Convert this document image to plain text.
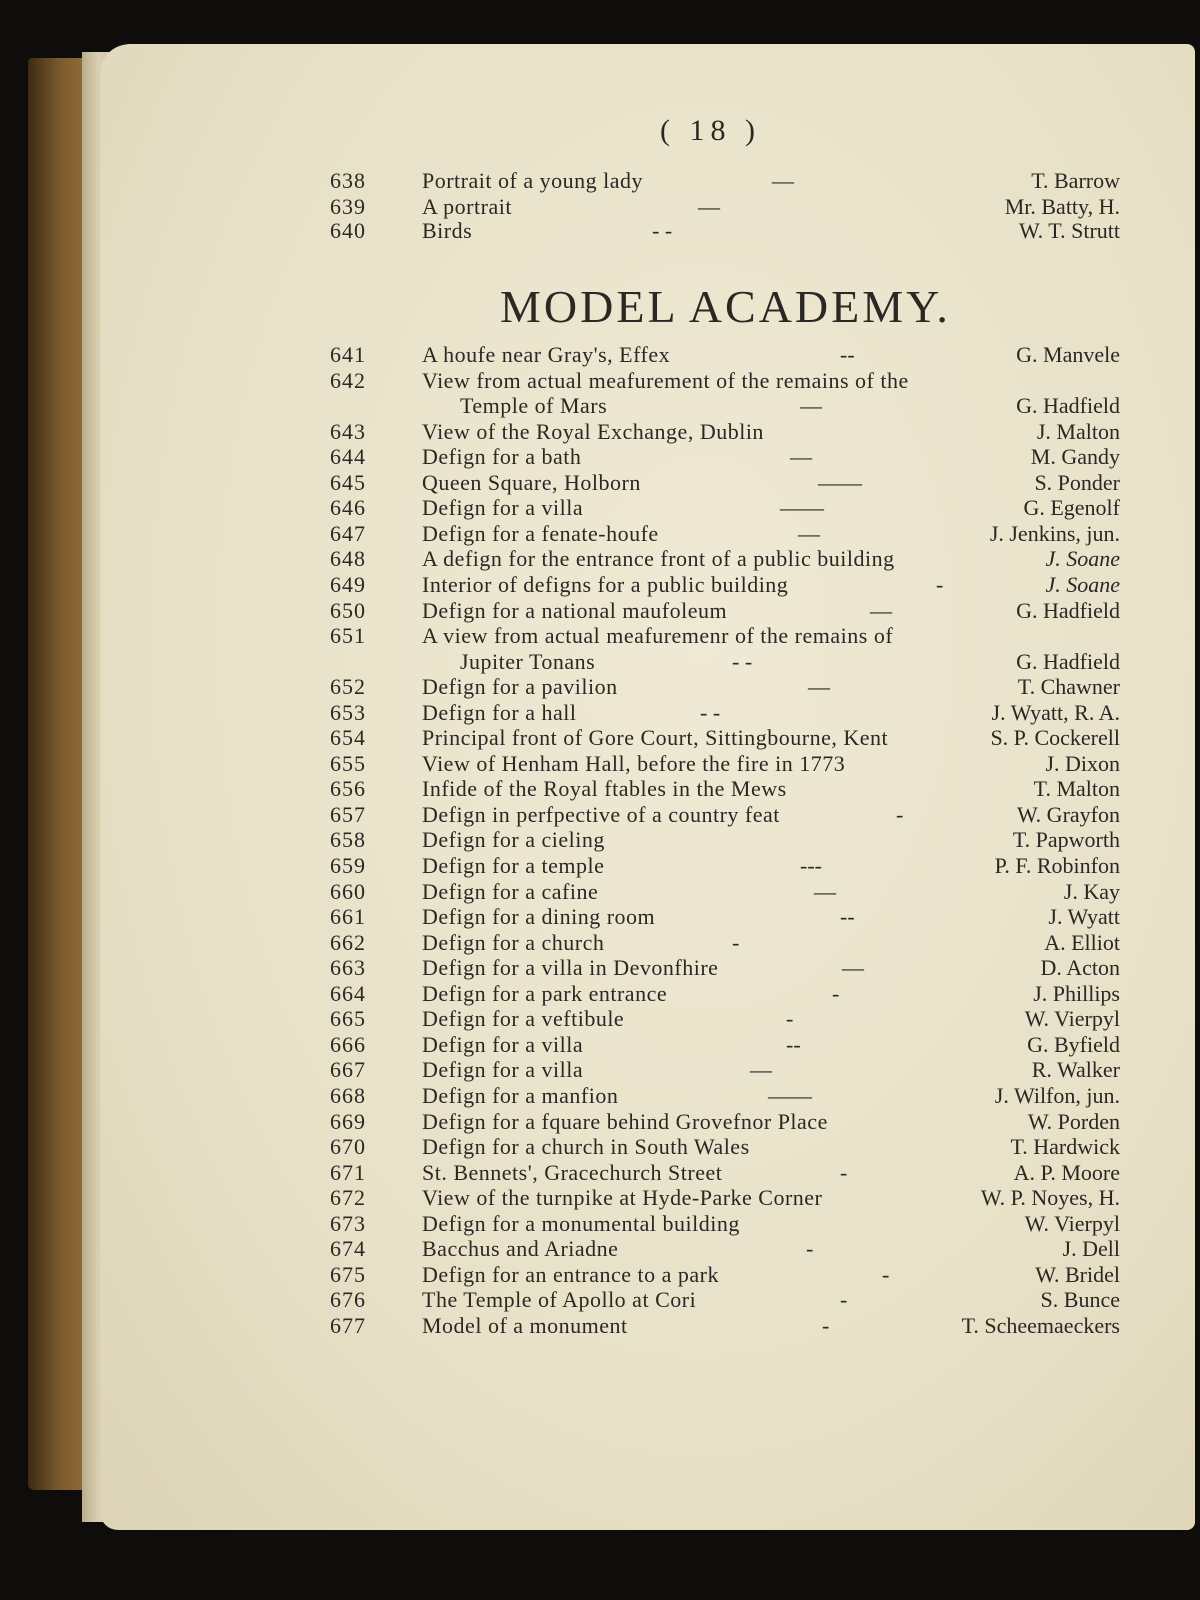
( 18 )
MODEL ACADEMY.
638	Portrait of a young lady	—	T. Barrow
639	A portrait	—	Mr. Batty, H.
640	Birds	- -	W. T. Strutt
641	A houfe near Gray's, Effex	--	G. Manvele
642	View from actual meafurement of the remains of the
Temple of Mars	—	G. Hadfield
643	View of the Royal Exchange, Dublin	J. Malton
644	Defign for a bath	—	M. Gandy
645	Queen Square, Holborn	——	S. Ponder
646	Defign for a villa	——	G. Egenolf
647	Defign for a fenate-houfe	—	J. Jenkins, jun.
648	A defign for the entrance front of a public building	J. Soane
649	Interior of defigns for a public building	-	J. Soane
650	Defign for a national maufoleum	—	G. Hadfield
651	A view from actual meafuremenr of the remains of
Jupiter Tonans	- -	G. Hadfield
652	Defign for a pavilion	—	T. Chawner
653	Defign for a hall	- -	J. Wyatt, R. A.
654	Principal front of Gore Court, Sittingbourne, Kent	S. P. Cockerell
655	View of Henham Hall, before the fire in 1773	J. Dixon
656	Infide of the Royal ftables in the Mews	T. Malton
657	Defign in perfpective of a country feat	-	W. Grayfon
658	Defign for a cieling	T. Papworth
659	Defign for a temple	---	P. F. Robinfon
660	Defign for a cafine	—	J. Kay
661	Defign for a dining room	--	J. Wyatt
662	Defign for a church	-	A. Elliot
663	Defign for a villa in Devonfhire	—	D. Acton
664	Defign for a park entrance	-	J. Phillips
665	Defign for a veftibule	-	W. Vierpyl
666	Defign for a villa	--	G. Byfield
667	Defign for a villa	—	R. Walker
668	Defign for a manfion	——	J. Wilfon, jun.
669	Defign for a fquare behind Grovefnor Place	W. Porden
670	Defign for a church in South Wales	T. Hardwick
671	St. Bennets', Gracechurch Street	-	A. P. Moore
672	View of the turnpike at Hyde-Parke Corner	W. P. Noyes, H.
673	Defign for a monumental building	W. Vierpyl
674	Bacchus and Ariadne	-	J. Dell
675	Defign for an entrance to a park	-	W. Bridel
676	The Temple of Apollo at Cori	-	S. Bunce
677	Model of a monument	-	T. Scheemaeckers
